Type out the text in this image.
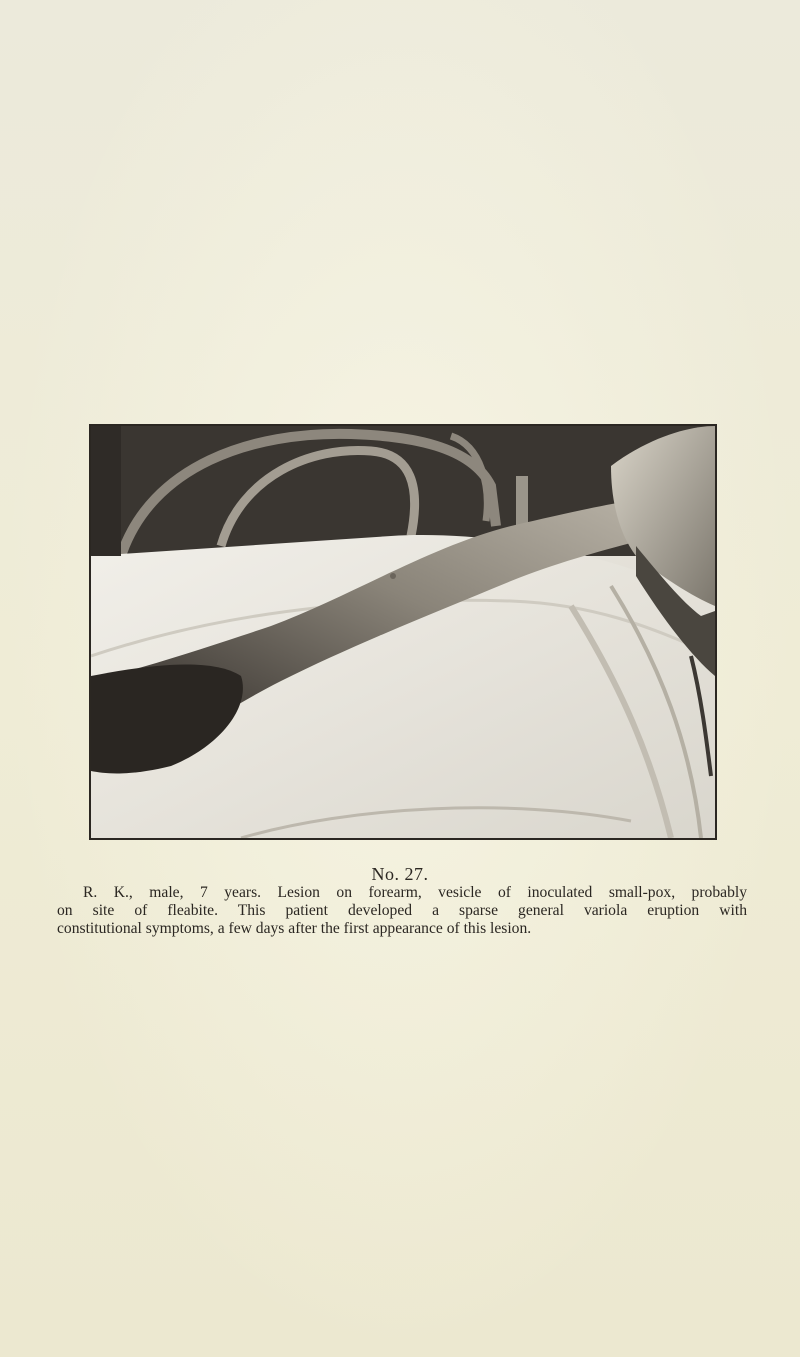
No. 27.
R. K., male, 7 years. Lesion on forearm, vesicle of inoculated small-pox, probably
on site of fleabite. This patient developed a sparse general variola eruption with
constitutional symptoms, a few days after the first appearance of this lesion.
